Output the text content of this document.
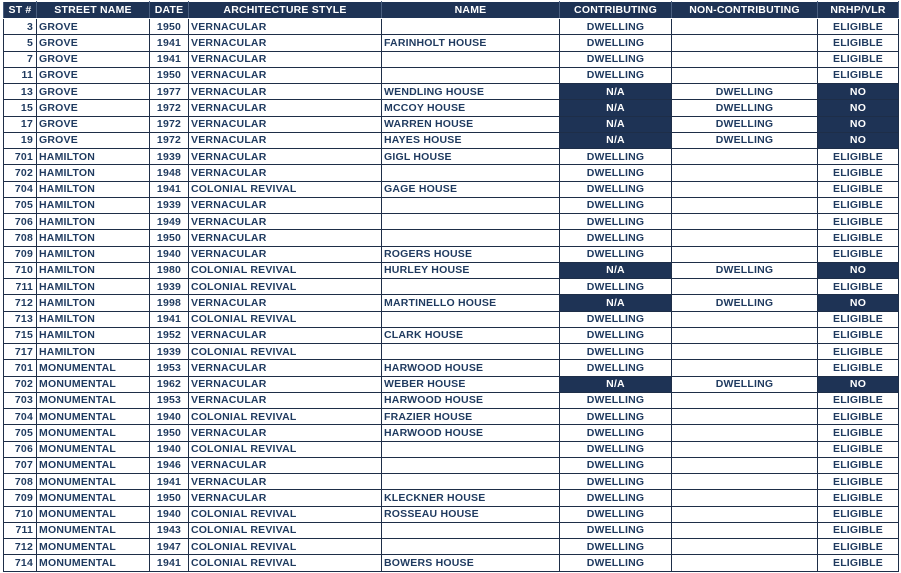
ST #	STREET NAME	DATE	ARCHITECTURE STYLE	NAME	CONTRIBUTING	NON-CONTRIBUTING	NRHP/VLR
3	GROVE	1950	VERNACULAR		DWELLING		ELIGIBLE
5	GROVE	1941	VERNACULAR	FARINHOLT HOUSE	DWELLING		ELIGIBLE
7	GROVE	1941	VERNACULAR		DWELLING		ELIGIBLE
11	GROVE	1950	VERNACULAR		DWELLING		ELIGIBLE
13	GROVE	1977	VERNACULAR	WENDLING HOUSE	N/A	DWELLING	NO
15	GROVE	1972	VERNACULAR	MCCOY HOUSE	N/A	DWELLING	NO
17	GROVE	1972	VERNACULAR	WARREN HOUSE	N/A	DWELLING	NO
19	GROVE	1972	VERNACULAR	HAYES HOUSE	N/A	DWELLING	NO
701	HAMILTON	1939	VERNACULAR	GIGL HOUSE	DWELLING		ELIGIBLE
702	HAMILTON	1948	VERNACULAR		DWELLING		ELIGIBLE
704	HAMILTON	1941	COLONIAL REVIVAL	GAGE HOUSE	DWELLING		ELIGIBLE
705	HAMILTON	1939	VERNACULAR		DWELLING		ELIGIBLE
706	HAMILTON	1949	VERNACULAR		DWELLING		ELIGIBLE
708	HAMILTON	1950	VERNACULAR		DWELLING		ELIGIBLE
709	HAMILTON	1940	VERNACULAR	ROGERS HOUSE	DWELLING		ELIGIBLE
710	HAMILTON	1980	COLONIAL REVIVAL	HURLEY HOUSE	N/A	DWELLING	NO
711	HAMILTON	1939	COLONIAL REVIVAL		DWELLING		ELIGIBLE
712	HAMILTON	1998	VERNACULAR	MARTINELLO HOUSE	N/A	DWELLING	NO
713	HAMILTON	1941	COLONIAL REVIVAL		DWELLING		ELIGIBLE
715	HAMILTON	1952	VERNACULAR	CLARK HOUSE	DWELLING		ELIGIBLE
717	HAMILTON	1939	COLONIAL REVIVAL		DWELLING		ELIGIBLE
701	MONUMENTAL	1953	VERNACULAR	HARWOOD HOUSE	DWELLING		ELIGIBLE
702	MONUMENTAL	1962	VERNACULAR	WEBER HOUSE	N/A	DWELLING	NO
703	MONUMENTAL	1953	VERNACULAR	HARWOOD HOUSE	DWELLING		ELIGIBLE
704	MONUMENTAL	1940	COLONIAL REVIVAL	FRAZIER HOUSE	DWELLING		ELIGIBLE
705	MONUMENTAL	1950	VERNACULAR	HARWOOD HOUSE	DWELLING		ELIGIBLE
706	MONUMENTAL	1940	COLONIAL REVIVAL		DWELLING		ELIGIBLE
707	MONUMENTAL	1946	VERNACULAR		DWELLING		ELIGIBLE
708	MONUMENTAL	1941	VERNACULAR		DWELLING		ELIGIBLE
709	MONUMENTAL	1950	VERNACULAR	KLECKNER HOUSE	DWELLING		ELIGIBLE
710	MONUMENTAL	1940	COLONIAL REVIVAL	ROSSEAU HOUSE	DWELLING		ELIGIBLE
711	MONUMENTAL	1943	COLONIAL REVIVAL		DWELLING		ELIGIBLE
712	MONUMENTAL	1947	COLONIAL REVIVAL		DWELLING		ELIGIBLE
714	MONUMENTAL	1941	COLONIAL REVIVAL	BOWERS HOUSE	DWELLING		ELIGIBLE
